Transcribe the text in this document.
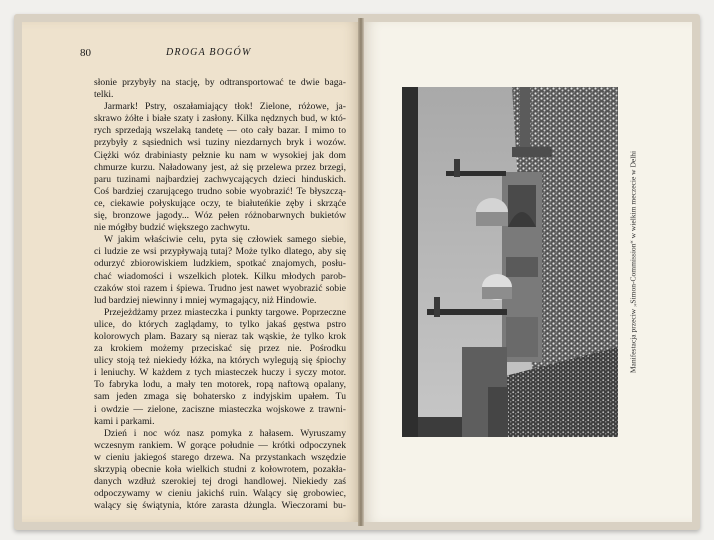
80	DROGA BOGÓW
słonie przybyły na stację, by odtransportować te dwie baga-
telki.
Jarmark! Pstry, oszałamiający tłok! Zielone, różowe, ja-
skrawo żółte i białe szaty i zasłony. Kilka nędznych bud, w któ-
rych sprzedają wszelaką tandetę — oto cały bazar. I mimo to
przybyły z sąsiednich wsi tuziny niezdarnych bryk i wozów.
Ciężki wóz drabiniasty pełznie ku nam w wysokiej jak dom
chmurze kurzu. Naładowany jest, aż się przelewa przez brzegi,
paru tuzinami najbardziej zachwycających dzieci hinduskich.
Coś bardziej czarującego trudno sobie wyobrazić! Te błyszczą-
ce, ciekawie połyskujące oczy, te białuteńkie zęby i skrząće
się, bronzowe jagody... Wóz pełen różnobarwnych bukietów
nie mógłby budzić większego zachwytu.
W jakim właściwie celu, pyta się człowiek samego siebie,
ci ludzie ze wsi przypływają tutaj? Może tylko dlatego, aby się
odurzyć zbiorowiskiem ludzkiem, spotkać znajomych, posłu-
chać wiadomości i wszelkich plotek. Kilku młodych parob-
czaków stoi razem i śpiewa. Trudno jest nawet wyobrazić sobie
lud bardziej niewinny i mniej wymagający, niż Hindowie.
Przejeżdżamy przez miasteczka i punkty targowe. Poprzeczne
ulice, do których zaglądamy, to tylko jakaś gęstwa pstro
kolorowych plam. Bazary są nieraz tak wąskie, że tylko krok
za krokiem możemy przeciskać się przez nie. Pośrodku
ulicy stoją też niekiedy łóżka, na których wylegują się śpiochy
i leniuchy. W każdem z tych miasteczek huczy i syczy motor.
To fabryka lodu, a mały ten motorek, ropą naftową opalany,
sam jeden zmaga się bohatersko z indyjskim upałem. Tu
i owdzie — zielone, zaciszne miasteczka wojskowe z trawni-
kami i parkami.
Dzień i noc wóz nasz pomyka z hałasem. Wyruszamy
wczesnym rankiem. W gorące południe — krótki odpoczynek
w cieniu jakiegoś starego drzewa. Na przystankach wszędzie
skrzypią obecnie koła wielkich studni z kołowrotem, pozakła-
danych wzdłuż szerokiej tej drogi handlowej. Niekiedy zaś
odpoczywamy w cieniu jakichś ruin. Walący się grobowiec,
walący się świątynia, które zarasta dżungla. Wieczorami bu-
Manifestacja przeciw „Simon-Commission“ w wielkim meczecie w Delhi
